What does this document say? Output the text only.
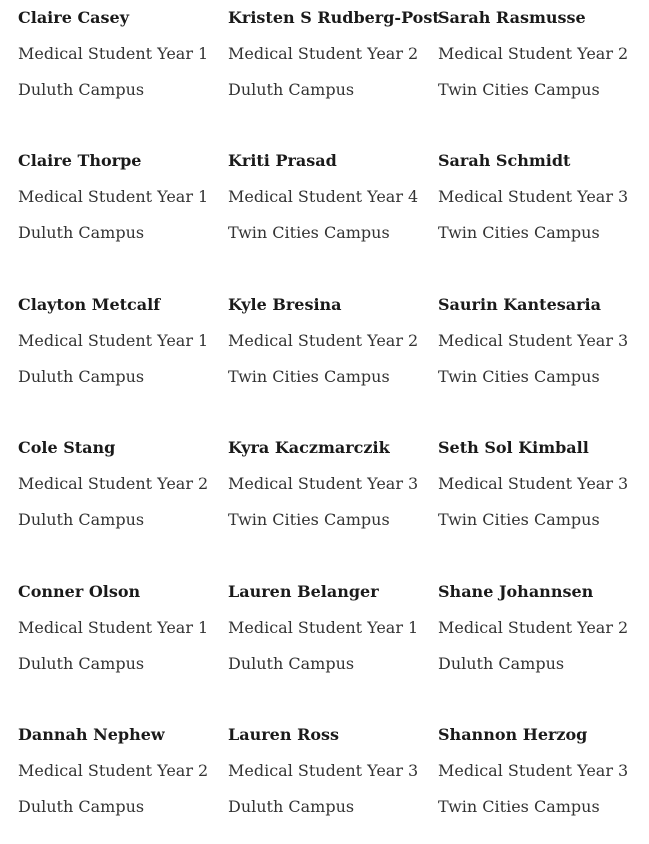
Claire Casey
Medical Student Year 1
Duluth Campus
Kristen S Rudberg-Post
Medical Student Year 2
Duluth Campus
Sarah Rasmusse
Medical Student Year 2
Twin Cities Campus
Claire Thorpe
Medical Student Year 1
Duluth Campus
Kriti Prasad
Medical Student Year 4
Twin Cities Campus
Sarah Schmidt
Medical Student Year 3
Twin Cities Campus
Clayton Metcalf
Medical Student Year 1
Duluth Campus
Kyle Bresina
Medical Student Year 2
Twin Cities Campus
Saurin Kantesaria
Medical Student Year 3
Twin Cities Campus
Cole Stang
Medical Student Year 2
Duluth Campus
Kyra Kaczmarczik
Medical Student Year 3
Twin Cities Campus
Seth Sol Kimball
Medical Student Year 3
Twin Cities Campus
Conner Olson
Medical Student Year 1
Duluth Campus
Lauren Belanger
Medical Student Year 1
Duluth Campus
Shane Johannsen
Medical Student Year 2
Duluth Campus
Dannah Nephew
Medical Student Year 2
Duluth Campus
Lauren Ross
Medical Student Year 3
Duluth Campus
Shannon Herzog
Medical Student Year 3
Twin Cities Campus
